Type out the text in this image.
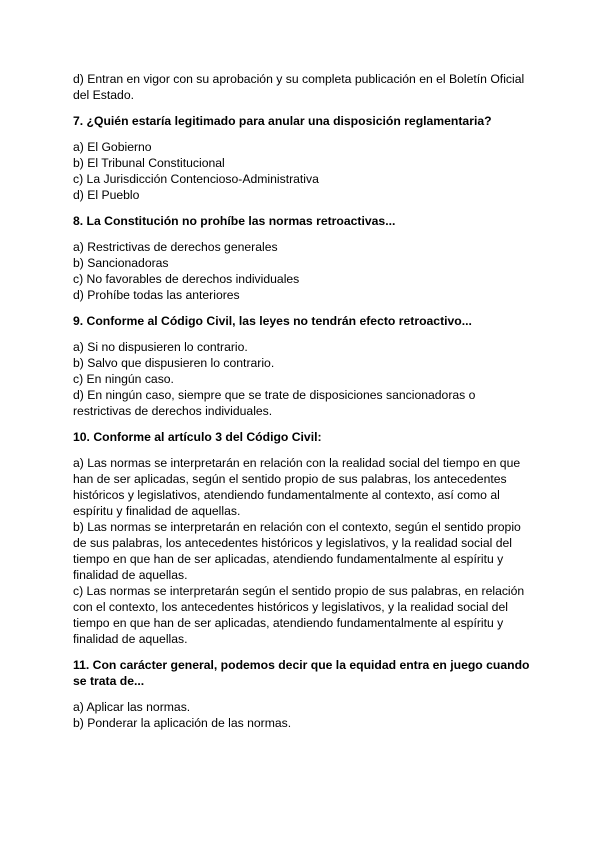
d) Entran en vigor con su aprobación y su completa publicación en el Boletín Oficial del Estado.

7. ¿Quién estaría legitimado para anular una disposición reglamentaria?

a) El Gobierno

b) El Tribunal Constitucional

c) La Jurisdicción Contencioso-Administrativa

d) El Pueblo

8. La Constitución no prohíbe las normas retroactivas...

a) Restrictivas de derechos generales

b) Sancionadoras

c) No favorables de derechos individuales

d) Prohíbe todas las anteriores

9. Conforme al Código Civil, las leyes no tendrán efecto retroactivo...

a) Si no dispusieren lo contrario.

b) Salvo que dispusieren lo contrario.

c) En ningún caso.

d) En ningún caso, siempre que se trate de disposiciones sancionadoras o restrictivas de derechos individuales.

10. Conforme al artículo 3 del Código Civil:

a) Las normas se interpretarán en relación con la realidad social del tiempo en que han de ser aplicadas, según el sentido propio de sus palabras, los antecedentes históricos y legislativos, atendiendo fundamentalmente al contexto, así como al espíritu y finalidad de aquellas.

b) Las normas se interpretarán en relación con el contexto, según el sentido propio de sus palabras, los antecedentes históricos y legislativos, y la realidad social del tiempo en que han de ser aplicadas, atendiendo fundamentalmente al espíritu y finalidad de aquellas.

c) Las normas se interpretarán según el sentido propio de sus palabras, en relación con el contexto, los antecedentes históricos y legislativos, y la realidad social del tiempo en que han de ser aplicadas, atendiendo fundamentalmente al espíritu y finalidad de aquellas.

11. Con carácter general, podemos decir que la equidad entra en juego cuando se trata de...

a) Aplicar las normas.

b) Ponderar la aplicación de las normas.
